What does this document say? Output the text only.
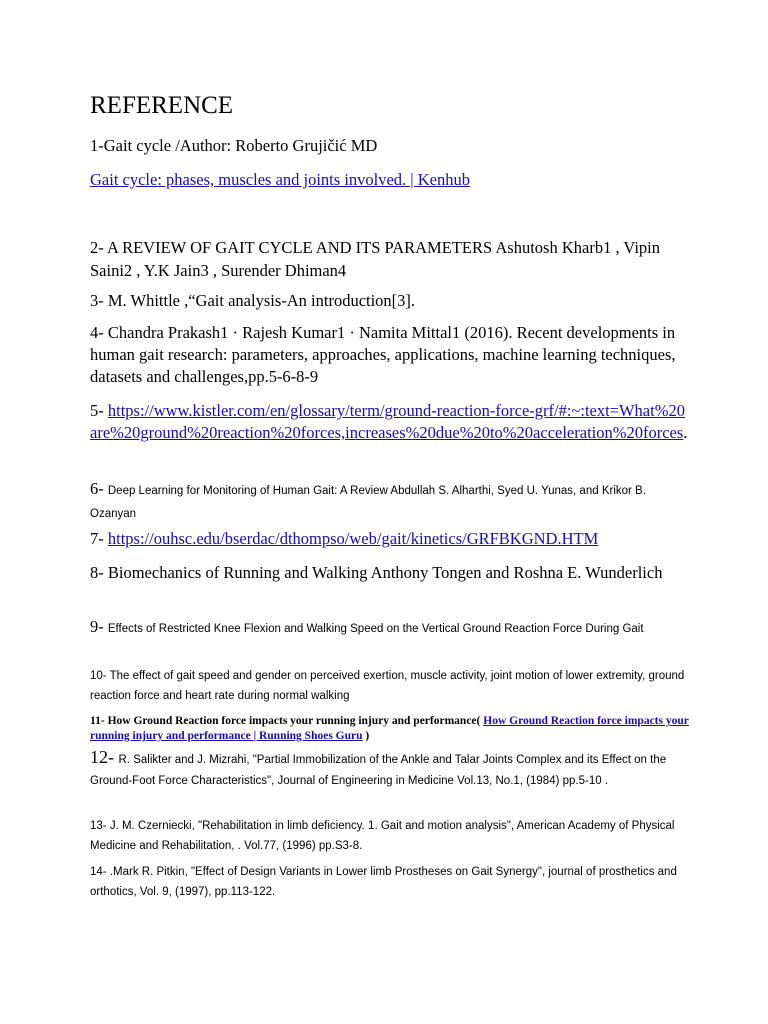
REFERENCE

1-Gait cycle /Author: Roberto Grujičić MD

Gait cycle: phases, muscles and joints involved. | Kenhub

2- A REVIEW OF GAIT CYCLE AND ITS PARAMETERS Ashutosh Kharb1 , Vipin Saini2 , Y.K Jain3 , Surender Dhiman4

3- M. Whittle ,“Gait analysis-An introduction[3].

4- Chandra Prakash1 · Rajesh Kumar1 · Namita Mittal1 (2016). Recent developments in human gait research: parameters, approaches, applications, machine learning techniques, datasets and challenges,pp.5-6-8-9

5- https://www.kistler.com/en/glossary/term/ground-reaction-force-grf/#:~:text=What%20are%20ground%20reaction%20forces,increases%20due%20to%20acceleration%20forces.

6- Deep Learning for Monitoring of Human Gait: A Review Abdullah S. Alharthi, Syed U. Yunas, and Krikor B. Ozanyan

7- https://ouhsc.edu/bserdac/dthompso/web/gait/kinetics/GRFBKGND.HTM

8- Biomechanics of Running and Walking Anthony Tongen and Roshna E. Wunderlich

9- Effects of Restricted Knee Flexion and Walking Speed on the Vertical Ground Reaction Force During Gait

10- The effect of gait speed and gender on perceived exertion, muscle activity, joint motion of lower extremity, ground reaction force and heart rate during normal walking

11- How Ground Reaction force impacts your running injury and performance( How Ground Reaction force impacts your running injury and performance | Running Shoes Guru )

12- R. Salikter and J. Mizrahi, "Partial Immobilization of the Ankle and Talar Joints Complex and its Effect on the Ground-Foot Force Characteristics", Journal of Engineering in Medicine Vol.13, No.1, (1984) pp.5-10 .

13- J. M. Czerniecki, "Rehabilitation in limb deficiency. 1. Gait and motion analysis", American Academy of Physical Medicine and Rehabilitation, . Vol.77, (1996) pp.S3-8.

14- .Mark R. Pitkin, "Effect of Design Variants in Lower limb Prostheses on Gait Synergy", journal of prosthetics and orthotics, Vol. 9, (1997), pp.113-122.
